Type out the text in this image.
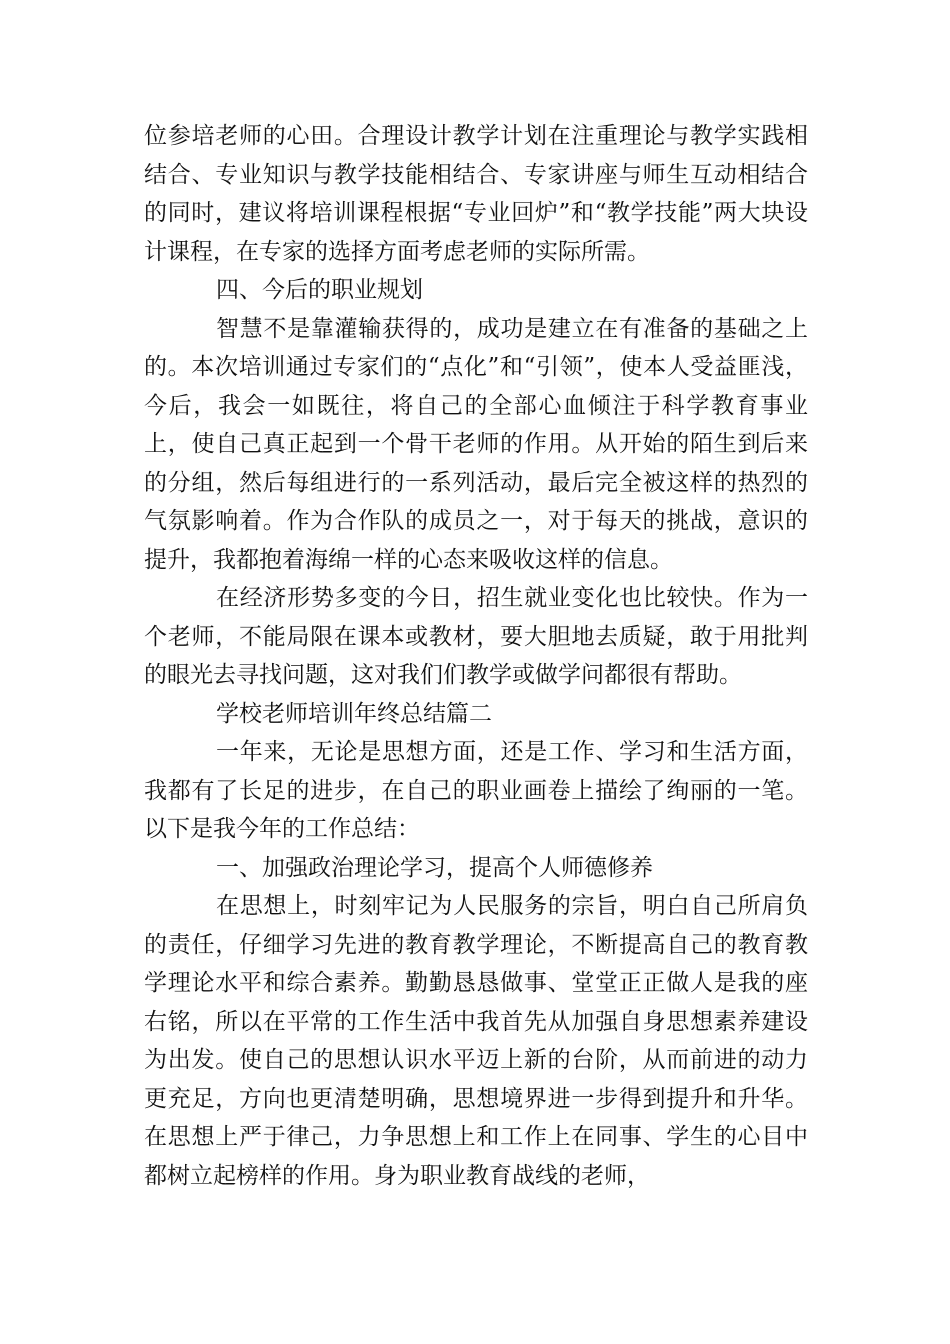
位参培老师的心田。合理设计教学计划在注重理论与教学实践相结合、专业知识与教学技能相结合、专家讲座与师生互动相结合的同时，建议将培训课程根据“专业回炉”和“教学技能”两大块设计课程，在专家的选择方面考虑老师的实际所需。

四、今后的职业规划

智慧不是靠灌输获得的，成功是建立在有准备的基础之上的。本次培训通过专家们的“点化”和“引领”，使本人受益匪浅，今后，我会一如既往，将自己的全部心血倾注于科学教育事业上，使自己真正起到一个骨干老师的作用。从开始的陌生到后来的分组，然后每组进行的一系列活动，最后完全被这样的热烈的气氛影响着。作为合作队的成员之一，对于每天的挑战，意识的提升，我都抱着海绵一样的心态来吸收这样的信息。

在经济形势多变的今日，招生就业变化也比较快。作为一个老师，不能局限在课本或教材，要大胆地去质疑，敢于用批判的眼光去寻找问题，这对我们们教学或做学问都很有帮助。

学校老师培训年终总结篇二

一年来，无论是思想方面，还是工作、学习和生活方面，我都有了长足的进步，在自己的职业画卷上描绘了绚丽的一笔。以下是我今年的工作总结：

一、加强政治理论学习，提高个人师德修养

在思想上，时刻牢记为人民服务的宗旨，明白自己所肩负的责任，仔细学习先进的教育教学理论，不断提高自己的教育教学理论水平和综合素养。勤勤恳恳做事、堂堂正正做人是我的座右铭，所以在平常的工作生活中我首先从加强自身思想素养建设为出发。使自己的思想认识水平迈上新的台阶，从而前进的动力更充足，方向也更清楚明确，思想境界进一步得到提升和升华。在思想上严于律己，力争思想上和工作上在同事、学生的心目中都树立起榜样的作用。身为职业教育战线的老师，
